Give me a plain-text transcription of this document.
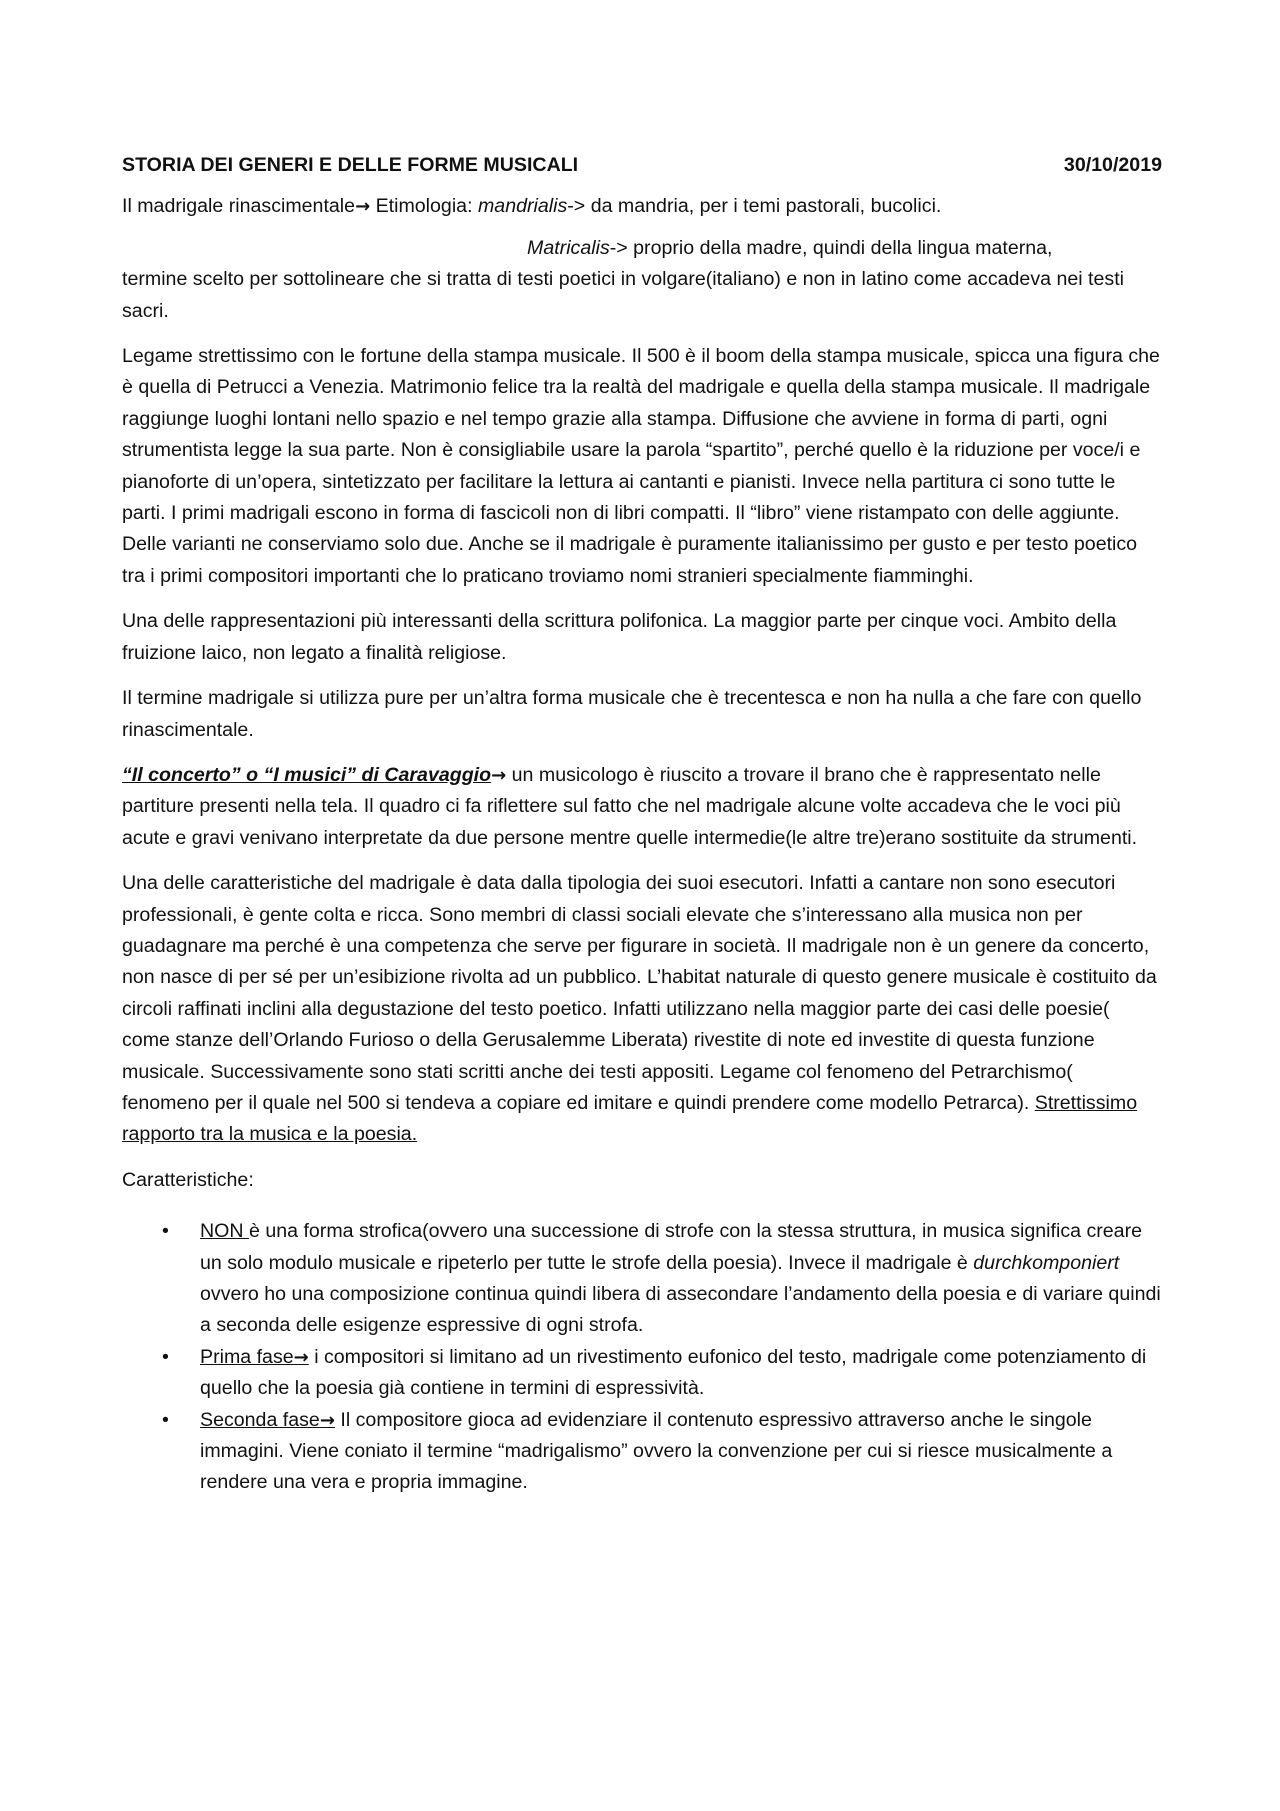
STORIA DEI GENERI E DELLE FORME MUSICALI	30/10/2019

Il madrigale rinascimentale→ Etimologia: mandrialis-> da mandria, per i temi pastorali, bucolici.

Matricalis-> proprio della madre, quindi della lingua materna,
termine scelto per sottolineare che si tratta di testi poetici in volgare(italiano) e non in latino come accadeva nei testi sacri.

Legame strettissimo con le fortune della stampa musicale. Il 500 è il boom della stampa musicale, spicca una figura che è quella di Petrucci a Venezia. Matrimonio felice tra la realtà del madrigale e quella della stampa musicale. Il madrigale raggiunge luoghi lontani nello spazio e nel tempo grazie alla stampa. Diffusione che avviene in forma di parti, ogni strumentista legge la sua parte. Non è consigliabile usare la parola “spartito”, perché quello è la riduzione per voce/i e pianoforte di un’opera, sintetizzato per facilitare la lettura ai cantanti e pianisti. Invece nella partitura ci sono tutte le parti. I primi madrigali escono in forma di fascicoli non di libri compatti. Il “libro” viene ristampato con delle aggiunte. Delle varianti ne conserviamo solo due. Anche se il madrigale è puramente italianissimo per gusto e per testo poetico tra i primi compositori importanti che lo praticano troviamo nomi stranieri specialmente fiamminghi.

Una delle rappresentazioni più interessanti della scrittura polifonica. La maggior parte per cinque voci. Ambito della fruizione laico, non legato a finalità religiose.

Il termine madrigale si utilizza pure per un’altra forma musicale che è trecentesca e non ha nulla a che fare con quello rinascimentale.

“Il concerto” o “I musici” di Caravaggio→ un musicologo è riuscito a trovare il brano che è rappresentato nelle partiture presenti nella tela. Il quadro ci fa riflettere sul fatto che nel madrigale alcune volte accadeva che le voci più acute e gravi venivano interpretate da due persone mentre quelle intermedie(le altre tre)erano sostituite da strumenti.

Una delle caratteristiche del madrigale è data dalla tipologia dei suoi esecutori. Infatti a cantare non sono esecutori professionali, è gente colta e ricca. Sono membri di classi sociali elevate che s’interessano alla musica non per guadagnare ma perché è una competenza che serve per figurare in società. Il madrigale non è un genere da concerto, non nasce di per sé per un’esibizione rivolta ad un pubblico. L’habitat naturale di questo genere musicale è costituito da circoli raffinati inclini alla degustazione del testo poetico. Infatti utilizzano nella maggior parte dei casi delle poesie( come stanze dell’Orlando Furioso o della Gerusalemme Liberata) rivestite di note ed investite di questa funzione musicale. Successivamente sono stati scritti anche dei testi appositi. Legame col fenomeno del Petrarchismo( fenomeno per il quale nel 500 si tendeva a copiare ed imitare e quindi prendere come modello Petrarca). Strettissimo rapporto tra la musica e la poesia.

Caratteristiche:

• NON è una forma strofica(ovvero una successione di strofe con la stessa struttura, in musica significa creare un solo modulo musicale e ripeterlo per tutte le strofe della poesia). Invece il madrigale è durchkomponiert ovvero ho una composizione continua quindi libera di assecondare l’andamento della poesia e di variare quindi a seconda delle esigenze espressive di ogni strofa.
• Prima fase→ i compositori si limitano ad un rivestimento eufonico del testo, madrigale come potenziamento di quello che la poesia già contiene in termini di espressività.
• Seconda fase→ Il compositore gioca ad evidenziare il contenuto espressivo attraverso anche le singole immagini. Viene coniato il termine “madrigalismo” ovvero la convenzione per cui si riesce musicalmente a rendere una vera e propria immagine.
